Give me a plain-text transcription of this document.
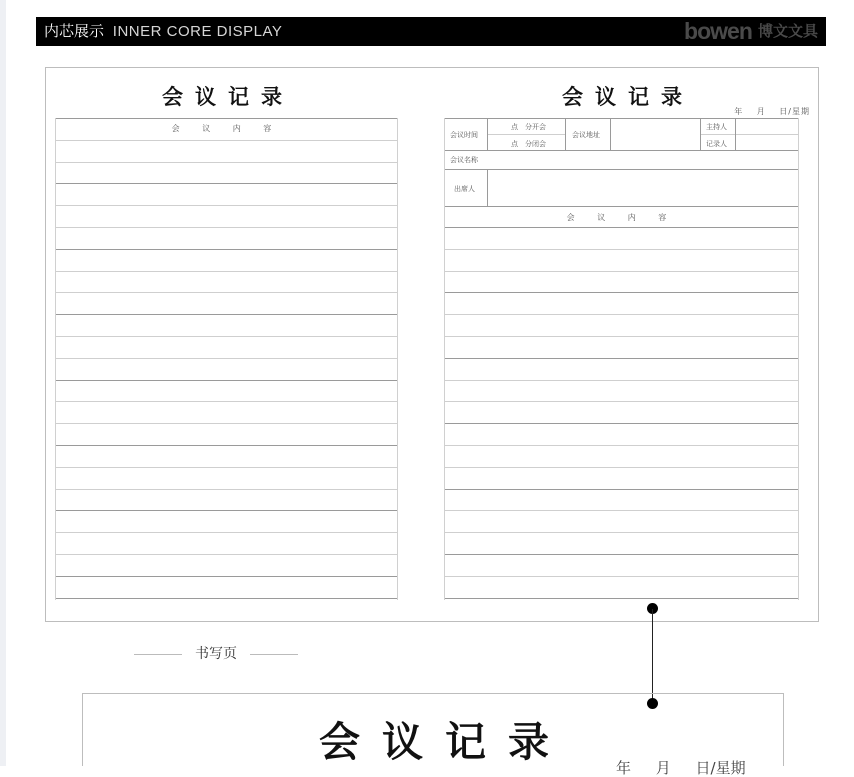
内芯展示 INNER CORE DISPLAY	bowen 博文文具
会议记录
会 议 内 容
会议记录
年 月 日/星期
会议时间
点　分开会
点　分闭会
会议地址
主持人
记录人
会议名称
出席人
会 议 内 容
书写页
会议记录
年 月 日/星期
